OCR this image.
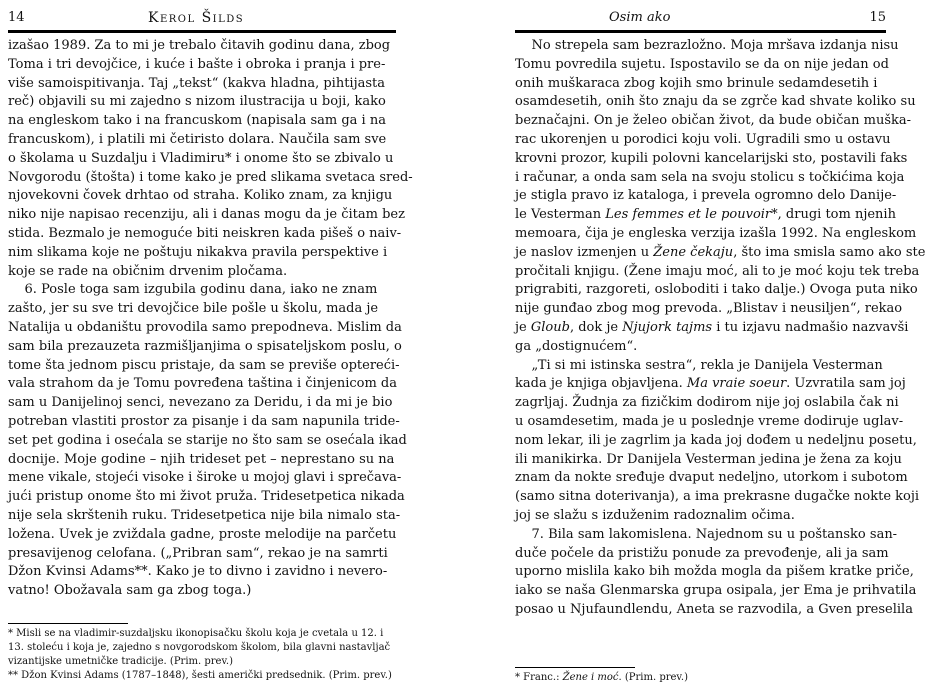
14	Kerol Šilds
izašao 1989. Za to mi je trebalo čitavih godinu dana, zbog
Toma i tri devojčice, i kuće i bašte i obroka i pranja i pre-
više samoispitivanja. Taj „tekst“ (kakva hladna, pihtijasta
reč) objavili su mi zajedno s nizom ilustracija u boji, kako
na engleskom tako i na francuskom (napisala sam ga i na
francuskom), i platili mi četiristo dolara. Naučila sam sve
o školama u Suzdalju i Vladimiru* i onome što se zbivalo u
Novgorodu (štošta) i tome kako je pred slikama svetaca sred-
njovekovni čovek drhtao od straha. Koliko znam, za knjigu
niko nije napisao recenziju, ali i danas mogu da je čitam bez
stida. Bezmalo je nemoguće biti neiskren kada pišeš o naiv-
nim slikama koje ne poštuju nikakva pravila perspektive i
koje se rade na običnim drvenim pločama.
6. Posle toga sam izgubila godinu dana, iako ne znam
zašto, jer su sve tri devojčice bile pošle u školu, mada je
Natalija u obdaništu provodila samo prepodneva. Mislim da
sam bila prezauzeta razmišljanjima o spisateljskom poslu, o
tome šta jednom piscu pristaje, da sam se previše optereći-
vala strahom da je Tomu povređena taština i činjenicom da
sam u Danijelinoj senci, nevezano za Deridu, i da mi je bio
potreban vlastiti prostor za pisanje i da sam napunila tride-
set pet godina i osećala se starije no što sam se osećala ikad
docnije. Moje godine – njih trideset pet – neprestano su na
mene vikale, stojeći visoke i široke u mojoj glavi i sprečava-
jući pristup onome što mi život pruža. Tridesetpetica nikada
nije sela skrštenih ruku. Tridesetpetica nije bila nimalo sta-
ložena. Uvek je zviždala gadne, proste melodije na parčetu
presavijenog celofana. („Pribran sam“, rekao je na samrti
Džon Kvinsi Adams**. Kako je to divno i zavidno i nevero-
vatno! Obožavala sam ga zbog toga.)
* Misli se na vladimir-suzdaljsku ikonopisačku školu koja je cvetala u 12. i
13. stoleću i koja je, zajedno s novgorodskom školom, bila glavni nastavljač
vizantijske umetničke tradicije. (Prim. prev.)
** Džon Kvinsi Adams (1787–1848), šesti američki predsednik. (Prim. prev.)
Osim ako	15
No strepela sam bezrazložno. Moja mršava izdanja nisu
Tomu povredila sujetu. Ispostavilo se da on nije jedan od
onih muškaraca zbog kojih smo brinule sedamdesetih i
osamdesetih, onih što znaju da se zgrče kad shvate koliko su
beznačajni. On je želeo običan život, da bude običan muška-
rac ukorenjen u porodici koju voli. Ugradili smo u ostavu
krovni prozor, kupili polovni kancelarijski sto, postavili faks
i računar, a onda sam sela na svoju stolicu s točkićima koja
je stigla pravo iz kataloga, i prevela ogromno delo Danije-
le Vesterman Les femmes et le pouvoir*, drugi tom njenih
memoara, čija je engleska verzija izašla 1992. Na engleskom
je naslov izmenjen u Žene čekaju, što ima smisla samo ako ste
pročitali knjigu. (Žene imaju moć, ali to je moć koju tek treba
prigrabiti, razgoreti, osloboditi i tako dalje.) Ovoga puta niko
nije gunđao zbog mog prevoda. „Blistav i neusiljen“, rekao
je Gloub, dok je Njujork tajms i tu izjavu nadmašio nazvavši
ga „dostignućem“.
„Ti si mi istinska sestra“, rekla je Danijela Vesterman
kada je knjiga objavljena. Ma vraie soeur. Uzvratila sam joj
zagrljaj. Žudnja za fizičkim dodirom nije joj oslabila čak ni
u osamdesetim, mada je u poslednje vreme dodiruje uglav-
nom lekar, ili je zagrlim ja kada joj dođem u nedeljnu posetu,
ili manikirka. Dr Danijela Vesterman jedina je žena za koju
znam da nokte sređuje dvaput nedeljno, utorkom i subotom
(samo sitna doterivanja), a ima prekrasne dugačke nokte koji
joj se slažu s izduženim radoznalim očima.
7. Bila sam lakomislena. Najednom su u poštansko san-
duče počele da pristižu ponude za prevođenje, ali ja sam
uporno mislila kako bih možda mogla da pišem kratke priče,
iako se naša Glenmarska grupa osipala, jer Ema je prihvatila
posao u Njufaundlendu, Aneta se razvodila, a Gven preselila
* Franc.: Žene i moć. (Prim. prev.)
